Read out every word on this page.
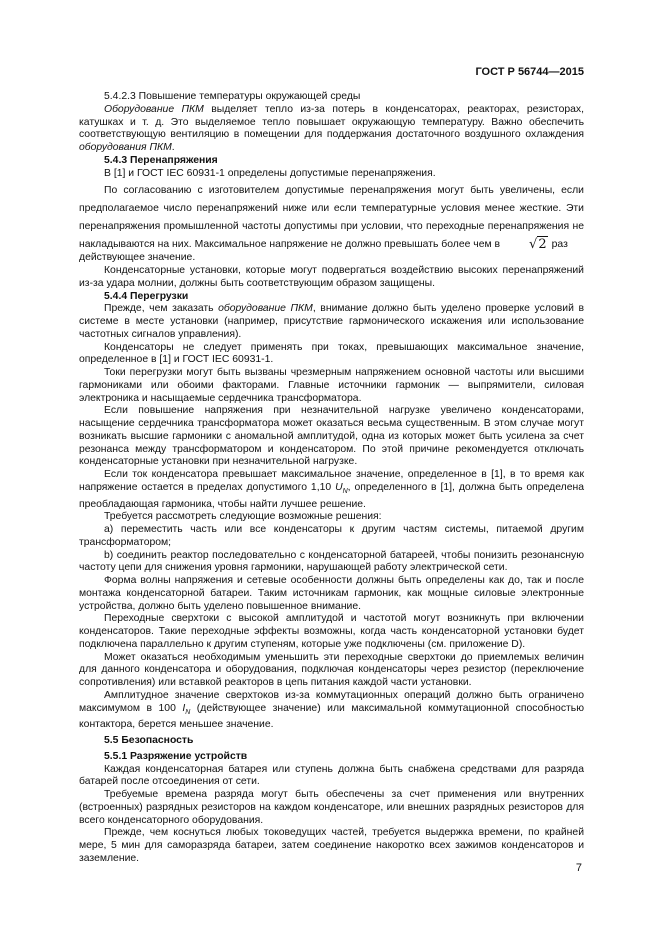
ГОСТ Р 56744—2015

5.4.2.3 Повышение температуры окружающей среды

Оборудование ПКМ выделяет тепло из-за потерь в конденсаторах, реакторах, резисторах, катушках и т. д. Это выделяемое тепло повышает окружающую температуру. Важно обеспечить соответствующую вентиляцию в помещении для поддержания достаточного воздушного охлаждения оборудования ПКМ.

5.4.3 Перенапряжения

В [1] и ГОСТ IEC 60931-1 определены допустимые перенапряжения.

По согласованию с изготовителем допустимые перенапряжения могут быть увеличены, если предполагаемое число перенапряжений ниже или если температурные условия менее жесткие. Эти перенапряжения промышленной частоты допустимы при условии, что переходные перенапряжения не накладываются на них. Максимальное напряжение не должно превышать более чем в √2 раз

действующее значение.

Конденсаторные установки, которые могут подвергаться воздействию высоких перенапряжений из-за удара молнии, должны быть соответствующим образом защищены.

5.4.4 Перегрузки

Прежде, чем заказать оборудование ПКМ, внимание должно быть уделено проверке условий в системе в месте установки (например, присутствие гармонического искажения или использование частотных сигналов управления).

Конденсаторы не следует применять при токах, превышающих максимальное значение, определенное в [1] и ГОСТ IEC 60931-1.

Токи перегрузки могут быть вызваны чрезмерным напряжением основной частоты или высшими гармониками или обоими факторами. Главные источники гармоник — выпрямители, силовая электроника и насыщаемые сердечника трансформатора.

Если повышение напряжения при незначительной нагрузке увеличено конденсаторами, насыщение сердечника трансформатора может оказаться весьма существенным. В этом случае могут возникать высшие гармоники с аномальной амплитудой, одна из которых может быть усилена за счет резонанса между трансформатором и конденсатором. По этой причине рекомендуется отключать конденсаторные установки при незначительной нагрузке.

Если ток конденсатора превышает максимальное значение, определенное в [1], в то время как напряжение остается в пределах допустимого 1,10 $U_N$, определенного в [1], должна быть определена преобладающая гармоника, чтобы найти лучшее решение.

Требуется рассмотреть следующие возможные решения:

a) переместить часть или все конденсаторы к другим частям системы, питаемой другим трансформатором;

b) соединить реактор последовательно с конденсаторной батареей, чтобы понизить резонансную частоту цепи для снижения уровня гармоники, нарушающей работу электрической сети.

Форма волны напряжения и сетевые особенности должны быть определены как до, так и после монтажа конденсаторной батареи. Таким источникам гармоник, как мощные силовые электронные устройства, должно быть уделено повышенное внимание.

Переходные сверхтоки с высокой амплитудой и частотой могут возникнуть при включении конденсаторов. Такие переходные эффекты возможны, когда часть конденсаторной установки будет подключена параллельно к другим ступеням, которые уже подключены (см. приложение D).

Может оказаться необходимым уменьшить эти переходные сверхтоки до приемлемых величин для данного конденсатора и оборудования, подключая конденсаторы через резистор (переключение сопротивления) или вставкой реакторов в цепь питания каждой части установки.

Амплитудное значение сверхтоков из-за коммутационных операций должно быть ограничено максимумом в 100 $I_N$ (действующее значение) или максимальной коммутационной способностью контактора, берется меньшее значение.

5.5 Безопасность

5.5.1 Разряжение устройств

Каждая конденсаторная батарея или ступень должна быть снабжена средствами для разряда батарей после отсоединения от сети.

Требуемые времена разряда могут быть обеспечены за счет применения или внутренних (встроенных) разрядных резисторов на каждом конденсаторе, или внешних разрядных резисторов для всего конденсаторного оборудования.

Прежде, чем коснуться любых токоведущих частей, требуется выдержка времени, по крайней мере, 5 мин для саморазряда батареи, затем соединение накоротко всех зажимов конденсаторов и заземление.

7
